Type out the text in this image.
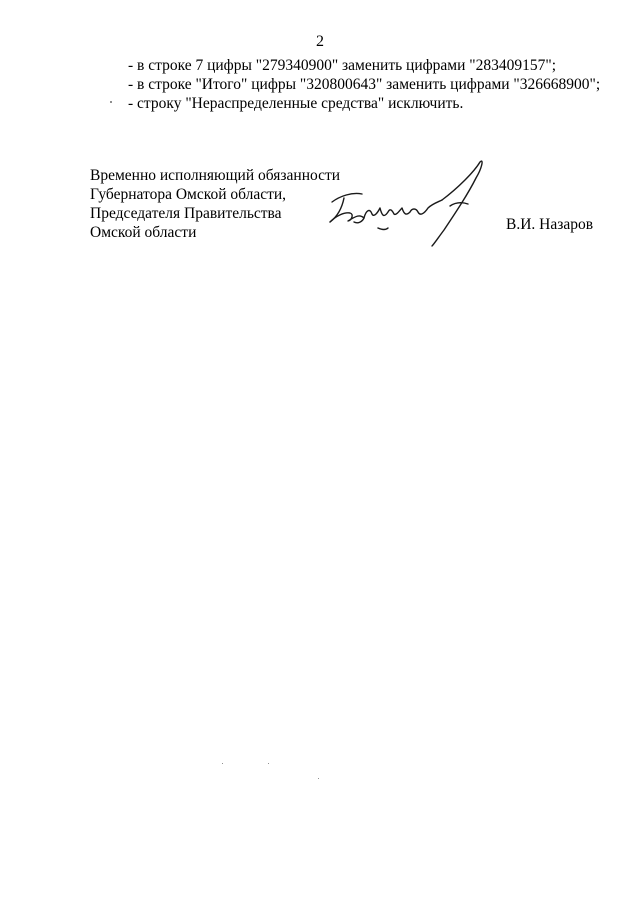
2
- в строке 7 цифры "279340900" заменить цифрами "283409157";
- в строке "Итого" цифры "320800643" заменить цифрами "326668900";
- строку "Нераспределенные средства" исключить.
Временно исполняющий обязанности
Губернатора Омской области,
Председателя Правительства
Омской области	В.И. Назаров
